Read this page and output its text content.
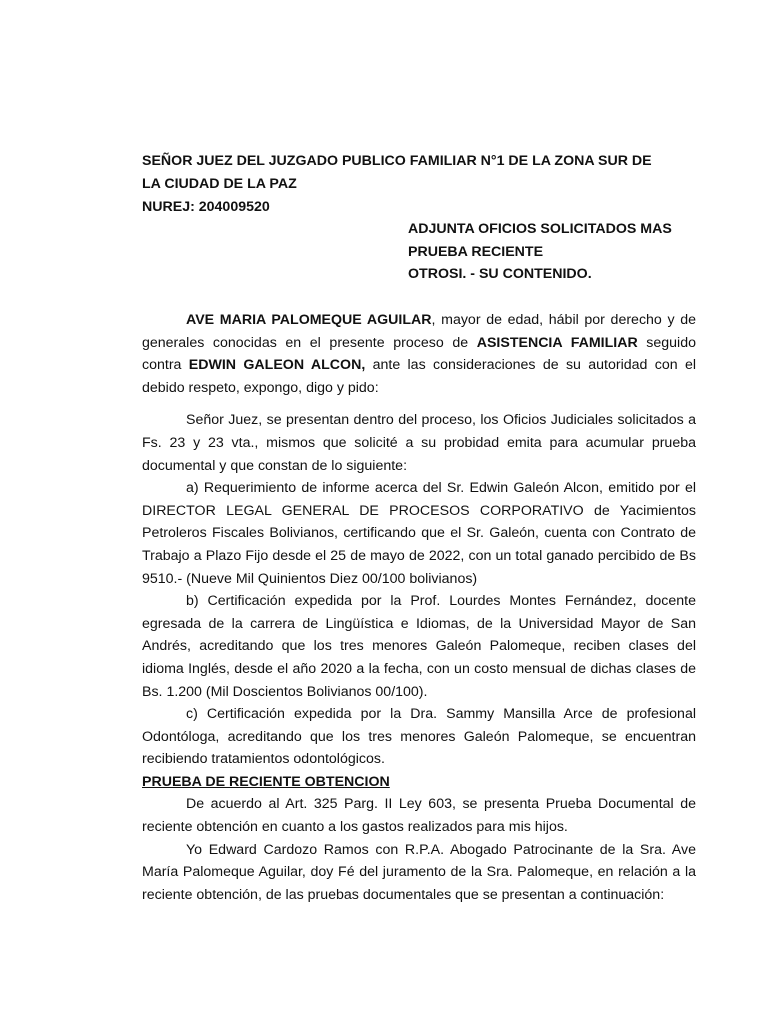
SEÑOR JUEZ DEL JUZGADO PUBLICO FAMILIAR N°1 DE LA ZONA SUR DE
LA CIUDAD DE LA PAZ
NUREJ: 204009520
ADJUNTA OFICIOS SOLICITADOS MAS
PRUEBA RECIENTE
OTROSI. - SU CONTENIDO.

AVE MARIA PALOMEQUE AGUILAR, mayor de edad, hábil por derecho y de generales conocidas en el presente proceso de ASISTENCIA FAMILIAR seguido contra EDWIN GALEON ALCON, ante las consideraciones de su autoridad con el debido respeto, expongo, digo y pido:

Señor Juez, se presentan dentro del proceso, los Oficios Judiciales solicitados a Fs. 23 y 23 vta., mismos que solicité a su probidad emita para acumular prueba documental y que constan de lo siguiente:

a) Requerimiento de informe acerca del Sr. Edwin Galeón Alcon, emitido por el DIRECTOR LEGAL GENERAL DE PROCESOS CORPORATIVO de Yacimientos Petroleros Fiscales Bolivianos, certificando que el Sr. Galeón, cuenta con Contrato de Trabajo a Plazo Fijo desde el 25 de mayo de 2022, con un total ganado percibido de Bs 9510.- (Nueve Mil Quinientos Diez 00/100 bolivianos)

b) Certificación expedida por la Prof. Lourdes Montes Fernández, docente egresada de la carrera de Lingüística e Idiomas, de la Universidad Mayor de San Andrés, acreditando que los tres menores Galeón Palomeque, reciben clases del idioma Inglés, desde el año 2020 a la fecha, con un costo mensual de dichas clases de Bs. 1.200 (Mil Doscientos Bolivianos 00/100).

c) Certificación expedida por la Dra. Sammy Mansilla Arce de profesional Odontóloga, acreditando que los tres menores Galeón Palomeque, se encuentran recibiendo tratamientos odontológicos.

PRUEBA DE RECIENTE OBTENCION

De acuerdo al Art. 325 Parg. II Ley 603, se presenta Prueba Documental de reciente obtención en cuanto a los gastos realizados para mis hijos.

Yo Edward Cardozo Ramos con R.P.A. Abogado Patrocinante de la Sra. Ave María Palomeque Aguilar, doy Fé del juramento de la Sra. Palomeque, en relación a la reciente obtención, de las pruebas documentales que se presentan a continuación:
